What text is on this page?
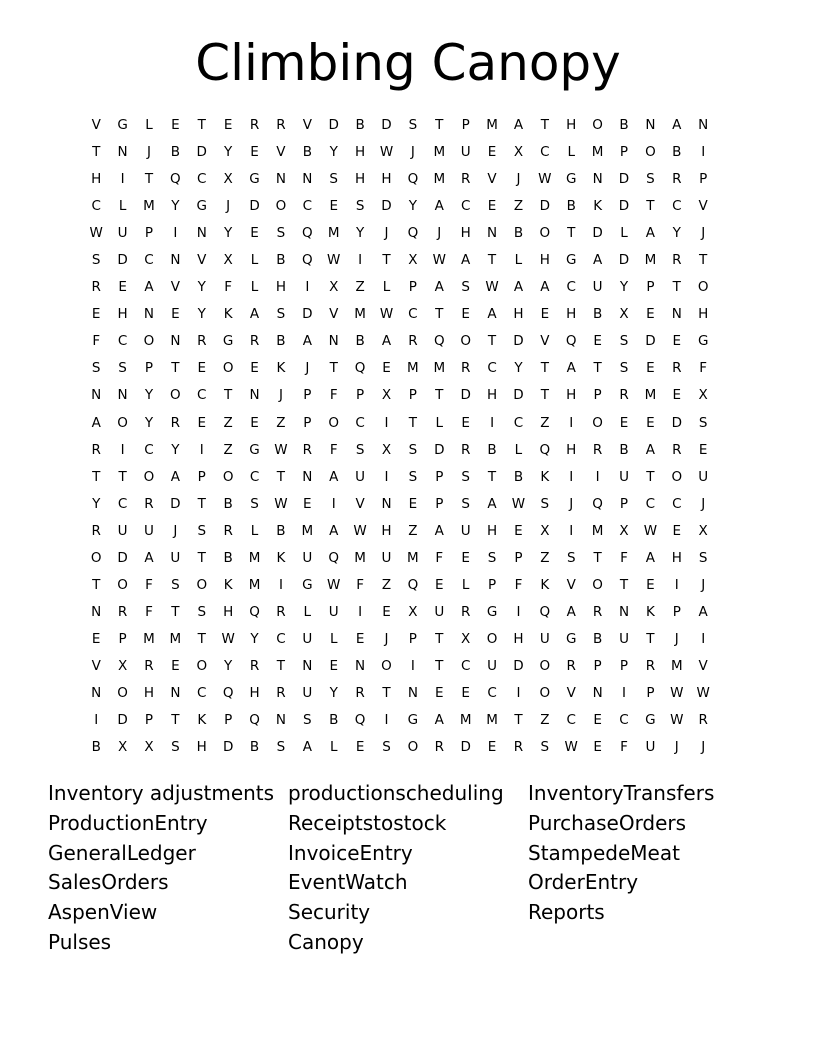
Climbing Canopy
V	G	L	E	T	E	R	R	V	D	B	D	S	T	P	M	A	T	H	O	B	N	A	N
T	N	J	B	D	Y	E	V	B	Y	H	W	J	M	U	E	X	C	L	M	P	O	B	I
H	I	T	Q	C	X	G	N	N	S	H	H	Q	M	R	V	J	W	G	N	D	S	R	P
C	L	M	Y	G	J	D	O	C	E	S	D	Y	A	C	E	Z	D	B	K	D	T	C	V
W	U	P	I	N	Y	E	S	Q	M	Y	J	Q	J	H	N	B	O	T	D	L	A	Y	J
S	D	C	N	V	X	L	B	Q	W	I	T	X	W	A	T	L	H	G	A	D	M	R	T
R	E	A	V	Y	F	L	H	I	X	Z	L	P	A	S	W	A	A	C	U	Y	P	T	O
E	H	N	E	Y	K	A	S	D	V	M	W	C	T	E	A	H	E	H	B	X	E	N	H
F	C	O	N	R	G	R	B	A	N	B	A	R	Q	O	T	D	V	Q	E	S	D	E	G
S	S	P	T	E	O	E	K	J	T	Q	E	M	M	R	C	Y	T	A	T	S	E	R	F
N	N	Y	O	C	T	N	J	P	F	P	X	P	T	D	H	D	T	H	P	R	M	E	X
A	O	Y	R	E	Z	E	Z	P	O	C	I	T	L	E	I	C	Z	I	O	E	E	D	S
R	I	C	Y	I	Z	G	W	R	F	S	X	S	D	R	B	L	Q	H	R	B	A	R	E
T	T	O	A	P	O	C	T	N	A	U	I	S	P	S	T	B	K	I	I	U	T	O	U
Y	C	R	D	T	B	S	W	E	I	V	N	E	P	S	A	W	S	J	Q	P	C	C	J
R	U	U	J	S	R	L	B	M	A	W	H	Z	A	U	H	E	X	I	M	X	W	E	X
O	D	A	U	T	B	M	K	U	Q	M	U	M	F	E	S	P	Z	S	T	F	A	H	S
T	O	F	S	O	K	M	I	G	W	F	Z	Q	E	L	P	F	K	V	O	T	E	I	J
N	R	F	T	S	H	Q	R	L	U	I	E	X	U	R	G	I	Q	A	R	N	K	P	A
E	P	M	M	T	W	Y	C	U	L	E	J	P	T	X	O	H	U	G	B	U	T	J	I
V	X	R	E	O	Y	R	T	N	E	N	O	I	T	C	U	D	O	R	P	P	R	M	V
N	O	H	N	C	Q	H	R	U	Y	R	T	N	E	E	C	I	O	V	N	I	P	W W
I	D	P	T	K	P	Q	N	S	B	Q	I	G	A	M	M	T	Z	C	E	C	G	W	R
B	X	X	S	H	D	B	S	A	L	E	S	O	R	D	E	R	S	W	E	F	U	J	J
Inventory adjustments
ProductionEntry
GeneralLedger
SalesOrders
AspenView
Pulses
productionscheduling
Receiptstostock
InvoiceEntry
EventWatch
Security
Canopy
InventoryTransfers
PurchaseOrders
StampedeMeat
OrderEntry
Reports
